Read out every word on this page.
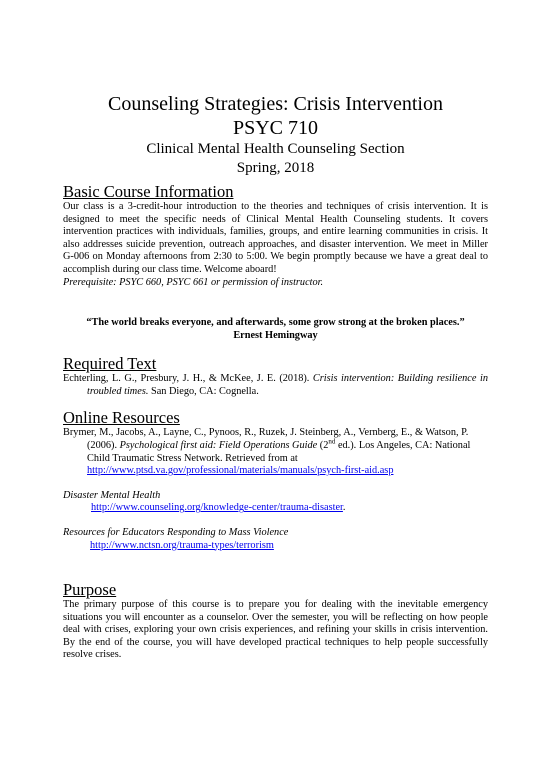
Counseling Strategies: Crisis Intervention
PSYC 710
Clinical Mental Health Counseling Section
Spring, 2018
Basic Course Information

Our class is a 3-credit-hour introduction to the theories and techniques of crisis intervention. It is designed to meet the specific needs of Clinical Mental Health Counseling students. It covers intervention practices with individuals, families, groups, and entire learning communities in crisis. It also addresses suicide prevention, outreach approaches, and disaster intervention. We meet in Miller G-006 on Monday afternoons from 2:30 to 5:00. We begin promptly because we have a great deal to accomplish during our class time. Welcome aboard!

Prerequisite: PSYC 660, PSYC 661 or permission of instructor.

“The world breaks everyone, and afterwards, some grow strong at the broken places.”
Ernest Hemingway
Required Text

Echterling, L. G., Presbury, J. H., & McKee, J. E. (2018). Crisis intervention: Building resilience in troubled times. San Diego, CA: Cognella.

Online Resources

Brymer, M., Jacobs, A., Layne, C., Pynoos, R., Ruzek, J. Steinberg, A., Vernberg, E., & Watson, P. (2006). Psychological first aid: Field Operations Guide (2nd ed.). Los Angeles, CA: National Child Traumatic Stress Network. Retrieved from at
http://www.ptsd.va.gov/professional/materials/manuals/psych-first-aid.asp

Disaster Mental Health

http://www.counseling.org/knowledge-center/trauma-disaster.

Resources for Educators Responding to Mass Violence

http://www.nctsn.org/trauma-types/terrorism

Purpose

The primary purpose of this course is to prepare you for dealing with the inevitable emergency situations you will encounter as a counselor. Over the semester, you will be reflecting on how people deal with crises, exploring your own crisis experiences, and refining your skills in crisis intervention. By the end of the course, you will have developed practical techniques to help people successfully resolve crises.
